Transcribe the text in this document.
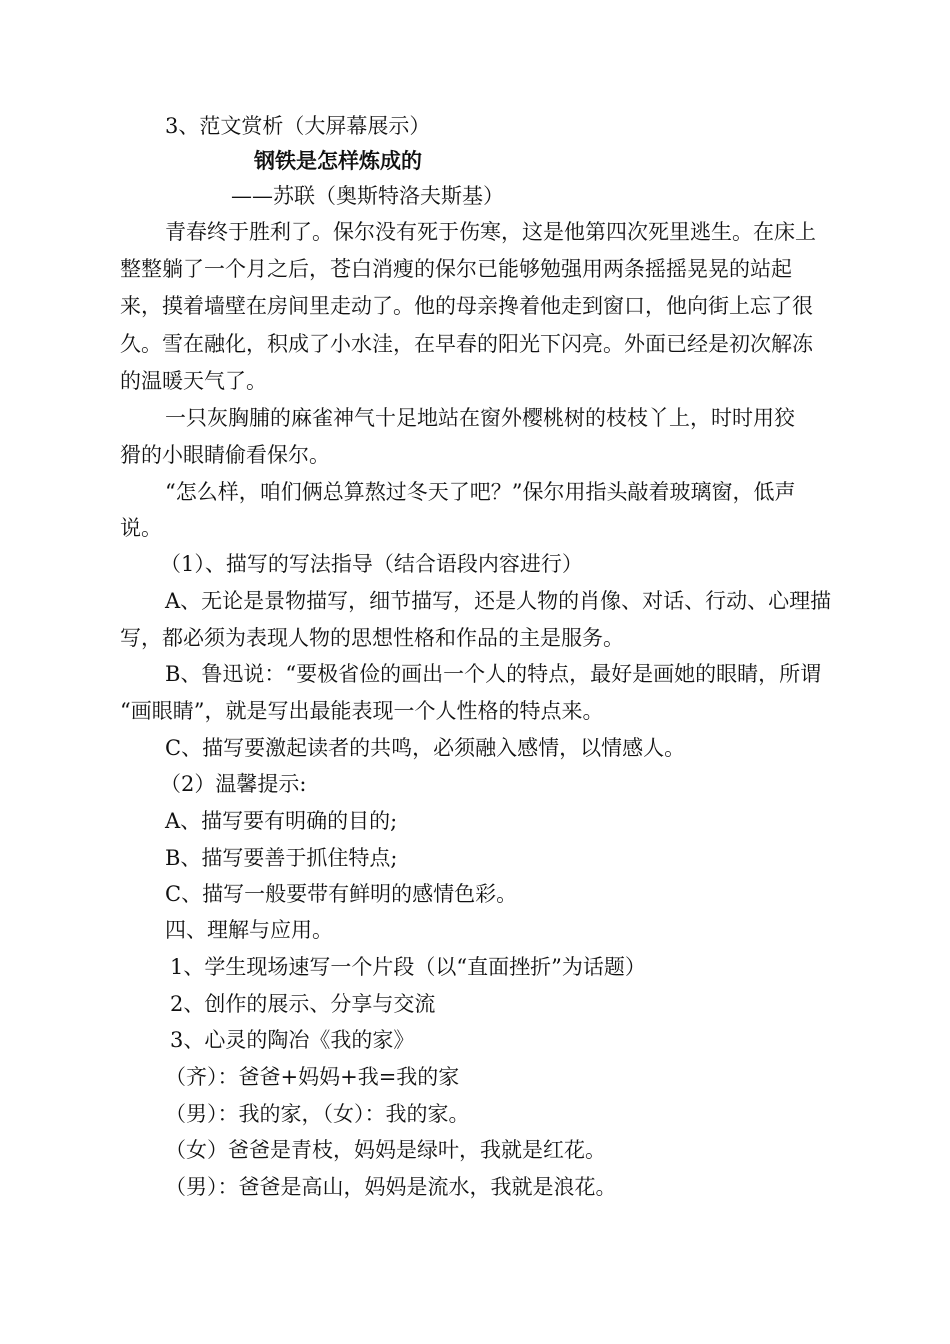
3、范文赏析（大屏幕展示）
钢铁是怎样炼成的
——苏联（奥斯特洛夫斯基）
青春终于胜利了。保尔没有死于伤寒，这是他第四次死里逃生。在床上
整整躺了一个月之后，苍白消瘦的保尔已能够勉强用两条摇摇晃晃的站起
来，摸着墙壁在房间里走动了。他的母亲搀着他走到窗口，他向街上忘了很
久。雪在融化，积成了小水洼，在早春的阳光下闪亮。外面已经是初次解冻
的温暖天气了。
一只灰胸脯的麻雀神气十足地站在窗外樱桃树的枝枝丫上，时时用狡
猾的小眼睛偷看保尔。
“怎么样，咱们俩总算熬过冬天了吧？”保尔用指头敲着玻璃窗，低声
说。
（1）、描写的写法指导（结合语段内容进行）
A、无论是景物描写，细节描写，还是人物的肖像、对话、行动、心理描
写，都必须为表现人物的思想性格和作品的主是服务。
B、鲁迅说：“要极省俭的画出一个人的特点，最好是画她的眼睛，所谓
“画眼睛”，就是写出最能表现一个人性格的特点来。
C、描写要激起读者的共鸣，必须融入感情，以情感人。
（2）温馨提示:
A、描写要有明确的目的;
B、描写要善于抓住特点;
C、描写一般要带有鲜明的感情色彩。
四、理解与应用。
1、学生现场速写一个片段（以“直面挫折”为话题）
2、创作的展示、分享与交流
3、心灵的陶冶《我的家》
（齐）：爸爸+妈妈+我=我的家
（男）：我的家，（女）：我的家。
（女）爸爸是青枝，妈妈是绿叶，我就是红花。
（男）：爸爸是高山，妈妈是流水，我就是浪花。
